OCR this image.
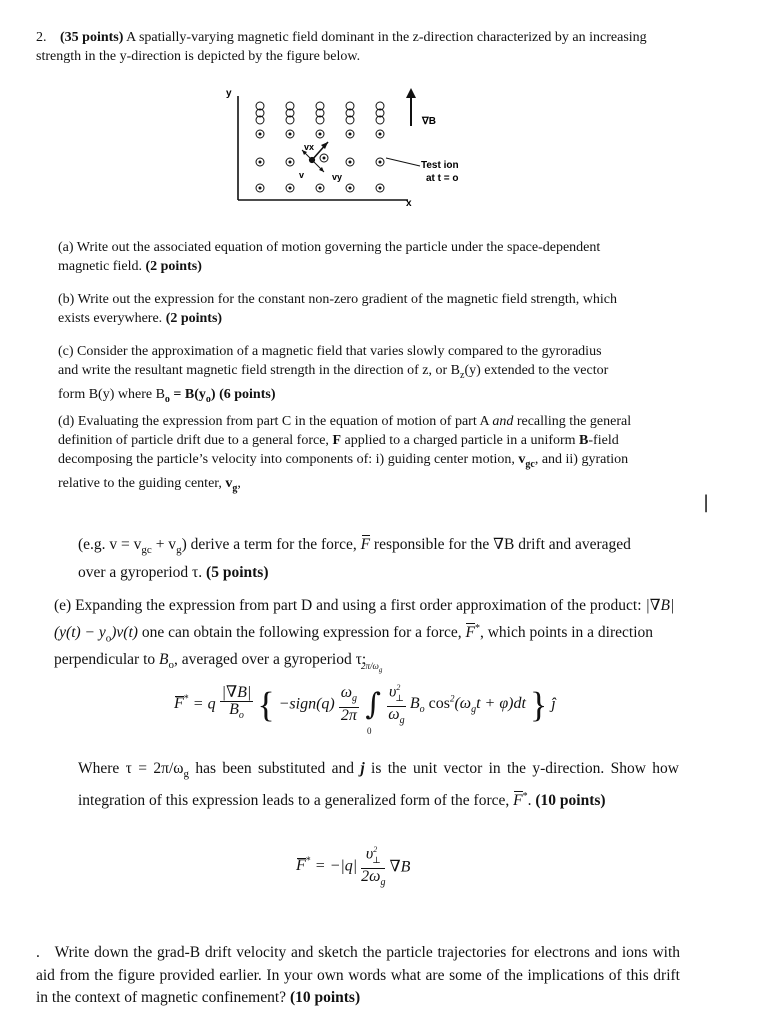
2. (35 points) A spatially-varying magnetic field dominant in the z-direction characterized by an increasing strength in the y-direction is depicted by the figure below.
y
x
vx
vy
v
∇B
Test ion
at t = o
(a) Write out the associated equation of motion governing the particle under the space-dependent magnetic field. (2 points)
(b) Write out the expression for the constant non-zero gradient of the magnetic field strength, which exists everywhere. (2 points)
(c) Consider the approximation of a magnetic field that varies slowly compared to the gyroradius and write the resultant magnetic field strength in the direction of z, or $B_z(y)$ extended to the vector form B(y) where $B_o = B(y_o)$ (6 points)
(d) Evaluating the expression from part C in the equation of motion of part A and recalling the general definition of particle drift due to a general force, F applied to a charged particle in a uniform B-field decomposing the particle’s velocity into components of: i) guiding center motion, $v_{gc}$, and ii) gyration relative to the guiding center, $v_g$,
|
(e.g. $v = v_{gc} + v_g$) derive a term for the force, F responsible for the ∇B drift and averaged over a gyroperiod τ. (5 points)
(e) Expanding the expression from part D and using a first order approximation of the product: $|\nabla B|(y(t) - y_o)v(t)$ one can obtain the following expression for a force, F*, which points in a direction perpendicular to $B_o$, averaged over a gyroperiod τ:
F* = q $\frac{|\nabla B|}{B_o}$ { −sign(q) $\frac{\omega_g}{2\pi}$

$2\pi/\omega_g$
∫
0

$\frac{\upsilon^2_\perp}{\omega_g} B_o$ $\cos^2(\omega_gt + \varphi)dt$ } ĵ
Where $\tau = 2\pi/\omega_g$ has been substituted and j is the unit vector in the y-direction. Show how integration of this expression leads to a generalized form of the force, F*. (10 points)
$F^* = -|q| \frac{\upsilon^2_\perp}{2\omega_g} \nabla B$
. Write down the grad-B drift velocity and sketch the particle trajectories for electrons and ions with aid from the figure provided earlier. In your own words what are some of the implications of this drift in the context of magnetic confinement? (10 points)
